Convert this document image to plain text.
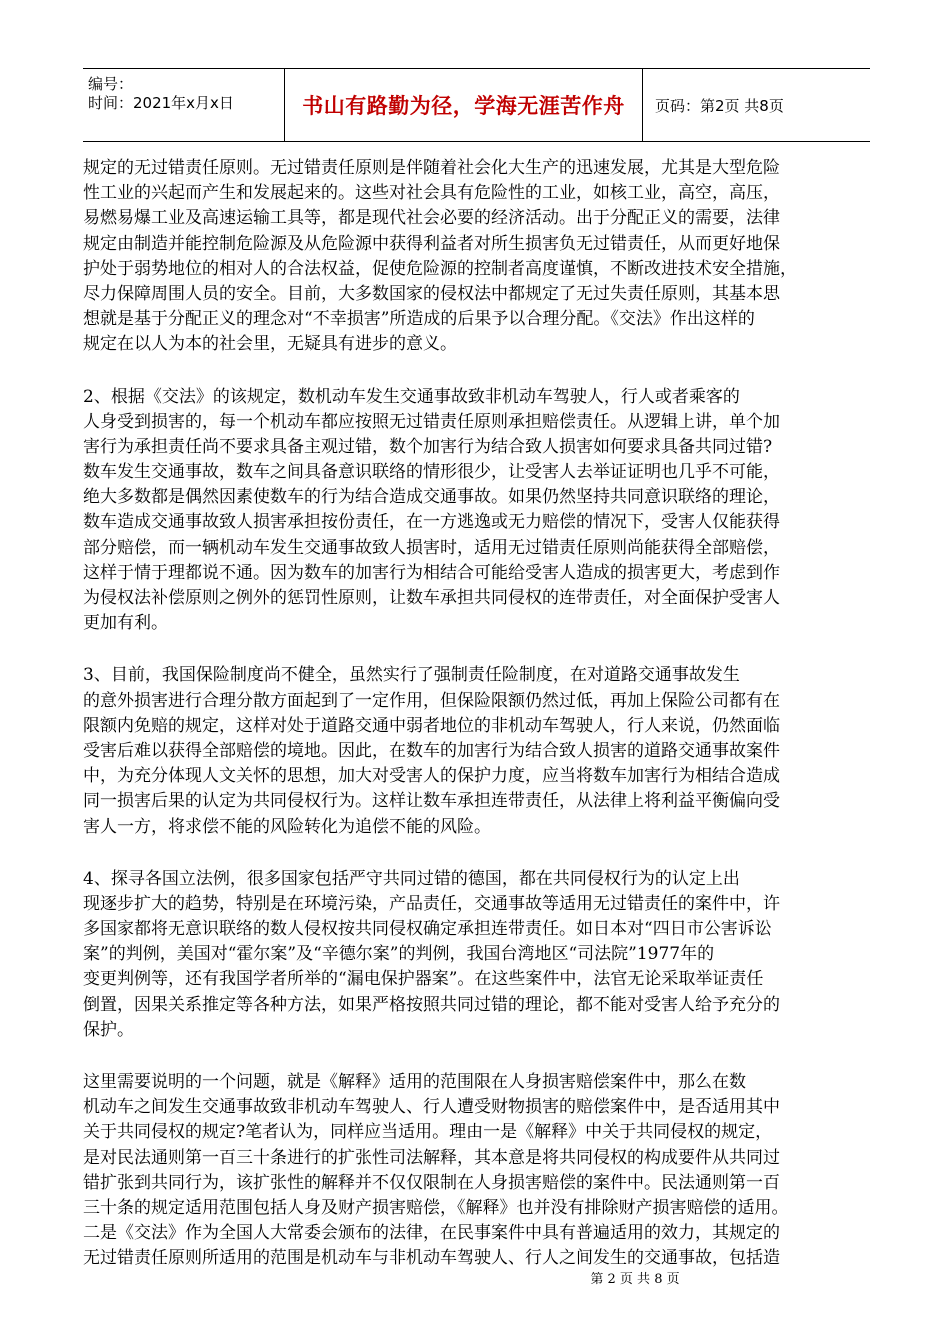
编号：
时间：2021年x月x日	书山有路勤为径，学海无涯苦作舟 页码：第2页 共8页
规定的无过错责任原则。无过错责任原则是伴随着社会化大生产的迅速发展，尤其是大型危险
性工业的兴起而产生和发展起来的。这些对社会具有危险性的工业，如核工业，高空，高压，
易燃易爆工业及高速运输工具等，都是现代社会必要的经济活动。出于分配正义的需要，法律
规定由制造并能控制危险源及从危险源中获得利益者对所生损害负无过错责任，从而更好地保
护处于弱势地位的相对人的合法权益，促使危险源的控制者高度谨慎，不断改进技术安全措施，
尽力保障周围人员的安全。目前，大多数国家的侵权法中都规定了无过失责任原则，其基本思
想就是基于分配正义的理念对“不幸损害”所造成的后果予以合理分配。《交法》作出这样的
规定在以人为本的社会里，无疑具有进步的意义。
2、根据《交法》的该规定，数机动车发生交通事故致非机动车驾驶人，行人或者乘客的
人身受到损害的，每一个机动车都应按照无过错责任原则承担赔偿责任。从逻辑上讲，单个加
害行为承担责任尚不要求具备主观过错，数个加害行为结合致人损害如何要求具备共同过错?
数车发生交通事故，数车之间具备意识联络的情形很少，让受害人去举证证明也几乎不可能，
绝大多数都是偶然因素使数车的行为结合造成交通事故。如果仍然坚持共同意识联络的理论，
数车造成交通事故致人损害承担按份责任，在一方逃逸或无力赔偿的情况下，受害人仅能获得
部分赔偿，而一辆机动车发生交通事故致人损害时，适用无过错责任原则尚能获得全部赔偿，
这样于情于理都说不通。因为数车的加害行为相结合可能给受害人造成的损害更大，考虑到作
为侵权法补偿原则之例外的惩罚性原则，让数车承担共同侵权的连带责任，对全面保护受害人
更加有利。
3、目前，我国保险制度尚不健全，虽然实行了强制责任险制度，在对道路交通事故发生
的意外损害进行合理分散方面起到了一定作用，但保险限额仍然过低，再加上保险公司都有在
限额内免赔的规定，这样对处于道路交通中弱者地位的非机动车驾驶人，行人来说，仍然面临
受害后难以获得全部赔偿的境地。因此，在数车的加害行为结合致人损害的道路交通事故案件
中，为充分体现人文关怀的思想，加大对受害人的保护力度，应当将数车加害行为相结合造成
同一损害后果的认定为共同侵权行为。这样让数车承担连带责任，从法律上将利益平衡偏向受
害人一方，将求偿不能的风险转化为追偿不能的风险。
4、探寻各国立法例，很多国家包括严守共同过错的德国，都在共同侵权行为的认定上出
现逐步扩大的趋势，特别是在环境污染，产品责任，交通事故等适用无过错责任的案件中，许
多国家都将无意识联络的数人侵权按共同侵权确定承担连带责任。如日本对“四日市公害诉讼
案”的判例，美国对“霍尔案”及“辛德尔案”的判例，我国台湾地区“司法院”1977年的
变更判例等，还有我国学者所举的“漏电保护器案”。在这些案件中，法官无论采取举证责任
倒置，因果关系推定等各种方法，如果严格按照共同过错的理论，都不能对受害人给予充分的
保护。
这里需要说明的一个问题，就是《解释》适用的范围限在人身损害赔偿案件中，那么在数
机动车之间发生交通事故致非机动车驾驶人、行人遭受财物损害的赔偿案件中，是否适用其中
关于共同侵权的规定?笔者认为，同样应当适用。理由一是《解释》中关于共同侵权的规定，
是对民法通则第一百三十条进行的扩张性司法解释，其本意是将共同侵权的构成要件从共同过
错扩张到共同行为，该扩张性的解释并不仅仅限制在人身损害赔偿的案件中。民法通则第一百
三十条的规定适用范围包括人身及财产损害赔偿，《解释》也并没有排除财产损害赔偿的适用。
二是《交法》作为全国人大常委会颁布的法律，在民事案件中具有普遍适用的效力，其规定的
无过错责任原则所适用的范围是机动车与非机动车驾驶人、行人之间发生的交通事故，包括造
第 2 页 共 8 页
